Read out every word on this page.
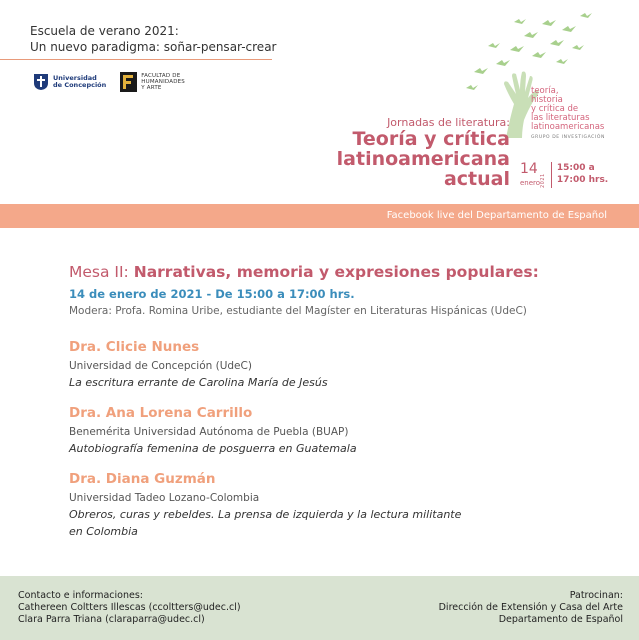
Escuela de verano 2021:
Un nuevo paradigma: soñar-pensar-crear
Universidad
de Concepción
FACULTAD DE
HUMANIDADES
Y ARTE	teoría,
historia
y crítica de
las literaturas
latinoamericanas
GRUPO DE INVESTIGACIÓN
Jornadas de literatura:
Teoría y crítica
latinoamericana
actual 14
2021
enero
15:00 a
17:00 hrs.
Facebook live del Departamento de Español
Mesa II: Narrativas, memoria y expresiones populares:
14 de enero de 2021 - De 15:00 a 17:00 hrs.
Modera: Profa. Romina Uribe, estudiante del Magíster en Literaturas Hispánicas (UdeC)
Dra. Clicie Nunes
Universidad de Concepción (UdeC)
La escritura errante de Carolina María de Jesús
Dra. Ana Lorena Carrillo
Benemérita Universidad Autónoma de Puebla (BUAP)
Autobiografía femenina de posguerra en Guatemala
Dra. Diana Guzmán
Universidad Tadeo Lozano-Colombia
Obreros, curas y rebeldes. La prensa de izquierda y la lectura militante
en Colombia
Contacto e informaciones:
Cathereen Coltters Illescas (ccoltters@udec.cl)
Clara Parra Triana (claraparra@udec.cl)
Patrocinan:
Dirección de Extensión y Casa del Arte
Departamento de Español
